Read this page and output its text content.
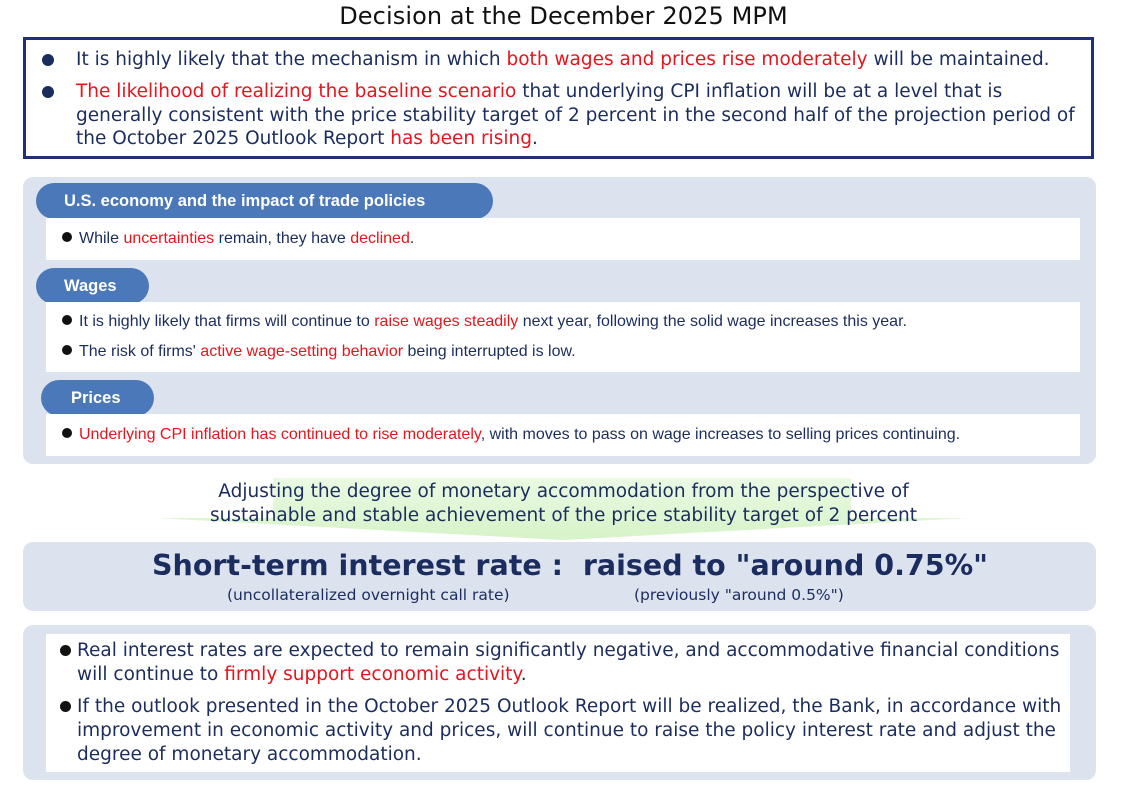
Decision at the December 2025 MPM
It is highly likely that the mechanism in which both wages and prices rise moderately will be maintained.
The likelihood of realizing the baseline scenario that underlying CPI inflation will be at a level that is generally consistent with the price stability target of 2 percent in the second half of the projection period of the October 2025 Outlook Report has been rising.
U.S. economy and the impact of trade policies
While uncertainties remain, they have declined.
Wages
It is highly likely that firms will continue to raise wages steadily next year, following the solid wage increases this year.
The risk of firms' active wage-setting behavior being interrupted is low.
Prices
Underlying CPI inflation has continued to rise moderately, with moves to pass on wage increases to selling prices continuing.
Adjusting the degree of monetary accommodation from the perspective of
sustainable and stable achievement of the price stability target of 2 percent
Short-term interest rate : raised to "around 0.75%"
(uncollateralized overnight call rate)	(previously "around 0.5%")
Real interest rates are expected to remain significantly negative, and accommodative financial conditions will continue to firmly support economic activity.
If the outlook presented in the October 2025 Outlook Report will be realized, the Bank, in accordance with improvement in economic activity and prices, will continue to raise the policy interest rate and adjust the degree of monetary accommodation.
